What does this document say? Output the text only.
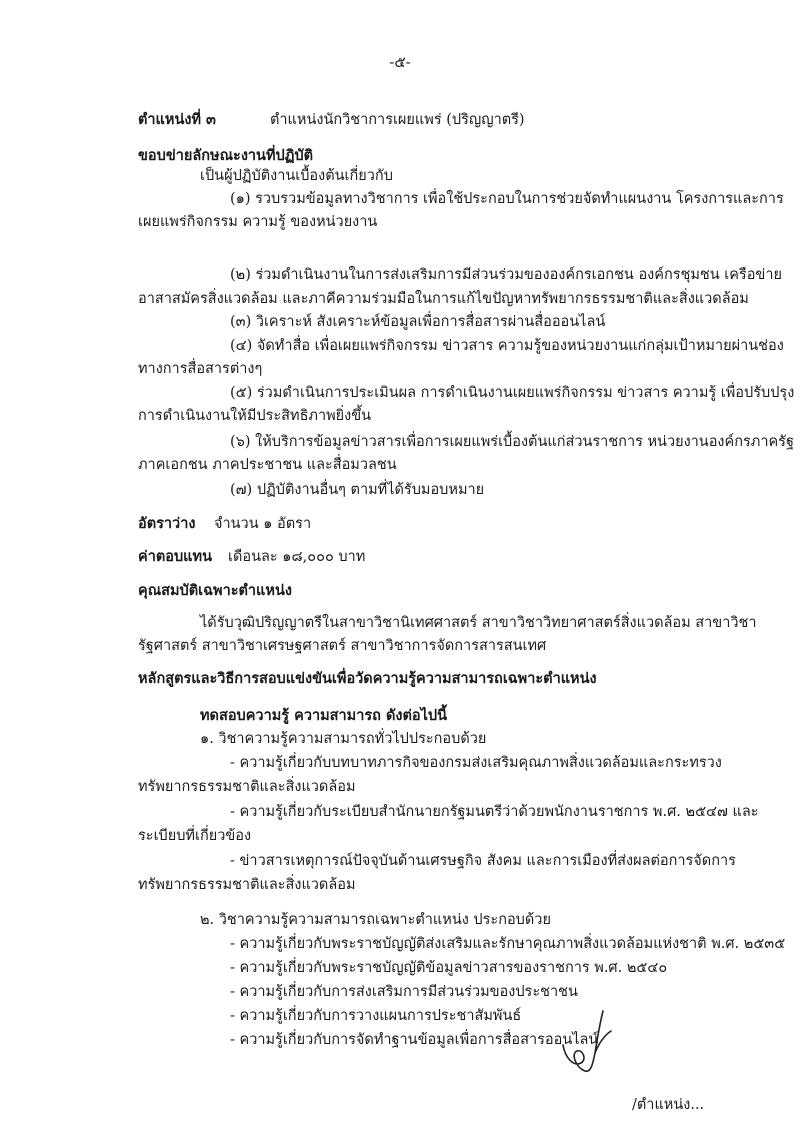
-๕-
ตำแหน่งที่ ๓	ตำแหน่งนักวิชาการเผยแพร่ (ปริญญาตรี)
ขอบข่ายลักษณะงานที่ปฏิบัติ
เป็นผู้ปฏิบัติงานเบื้องต้นเกี่ยวกับ
(๑) รวบรวมข้อมูลทางวิชาการ เพื่อใช้ประกอบในการช่วยจัดทำแผนงาน โครงการและการ
เผยแพร่กิจกรรม ความรู้ ของหน่วยงาน
(๒) ร่วมดำเนินงานในการส่งเสริมการมีส่วนร่วมขององค์กรเอกชน องค์กรชุมชน เครือข่าย
อาสาสมัครสิ่งแวดล้อม และภาคีความร่วมมือในการแก้ไขปัญหาทรัพยากรธรรมชาติและสิ่งแวดล้อม
(๓) วิเคราะห์ สังเคราะห์ข้อมูลเพื่อการสื่อสารผ่านสื่อออนไลน์
(๔) จัดทำสื่อ เพื่อเผยแพร่กิจกรรม ข่าวสาร ความรู้ของหน่วยงานแก่กลุ่มเป้าหมายผ่านช่อง
ทางการสื่อสารต่างๆ
(๕) ร่วมดำเนินการประเมินผล การดำเนินงานเผยแพร่กิจกรรม ข่าวสาร ความรู้ เพื่อปรับปรุง
การดำเนินงานให้มีประสิทธิภาพยิ่งขึ้น
(๖) ให้บริการข้อมูลข่าวสารเพื่อการเผยแพร่เบื้องต้นแก่ส่วนราชการ หน่วยงานองค์กรภาครัฐ
ภาคเอกชน ภาคประชาชน และสื่อมวลชน
(๗) ปฏิบัติงานอื่นๆ ตามที่ได้รับมอบหมาย
อัตราว่าง จำนวน ๑ อัตรา
ค่าตอบแทน เดือนละ ๑๘,๐๐๐ บาท
คุณสมบัติเฉพาะตำแหน่ง
ได้รับวุฒิปริญญาตรีในสาขาวิชานิเทศศาสตร์ สาขาวิชาวิทยาศาสตร์สิ่งแวดล้อม สาขาวิชา
รัฐศาสตร์ สาขาวิชาเศรษฐศาสตร์ สาขาวิชาการจัดการสารสนเทศ
หลักสูตรและวิธีการสอบแข่งขันเพื่อวัดความรู้ความสามารถเฉพาะตำแหน่ง
ทดสอบความรู้ ความสามารถ ดังต่อไปนี้
๑. วิชาความรู้ความสามารถทั่วไปประกอบด้วย
- ความรู้เกี่ยวกับบทบาทภารกิจของกรมส่งเสริมคุณภาพสิ่งแวดล้อมและกระทรวง
ทรัพยากรธรรมชาติและสิ่งแวดล้อม
- ความรู้เกี่ยวกับระเบียบสำนักนายกรัฐมนตรีว่าด้วยพนักงานราชการ พ.ศ. ๒๕๔๗ และ
ระเบียบที่เกี่ยวข้อง
- ข่าวสารเหตุการณ์ปัจจุบันด้านเศรษฐกิจ สังคม และการเมืองที่ส่งผลต่อการจัดการ
ทรัพยากรธรรมชาติและสิ่งแวดล้อม
๒. วิชาความรู้ความสามารถเฉพาะตำแหน่ง ประกอบด้วย
- ความรู้เกี่ยวกับพระราชบัญญัติส่งเสริมและรักษาคุณภาพสิ่งแวดล้อมแห่งชาติ พ.ศ. ๒๕๓๕
- ความรู้เกี่ยวกับพระราชบัญญัติข้อมูลข่าวสารของราชการ พ.ศ. ๒๕๔๐
- ความรู้เกี่ยวกับการส่งเสริมการมีส่วนร่วมของประชาชน
- ความรู้เกี่ยวกับการวางแผนการประชาสัมพันธ์
- ความรู้เกี่ยวกับการจัดทำฐานข้อมูลเพื่อการสื่อสารออนไลน์
/ตำแหน่ง...
